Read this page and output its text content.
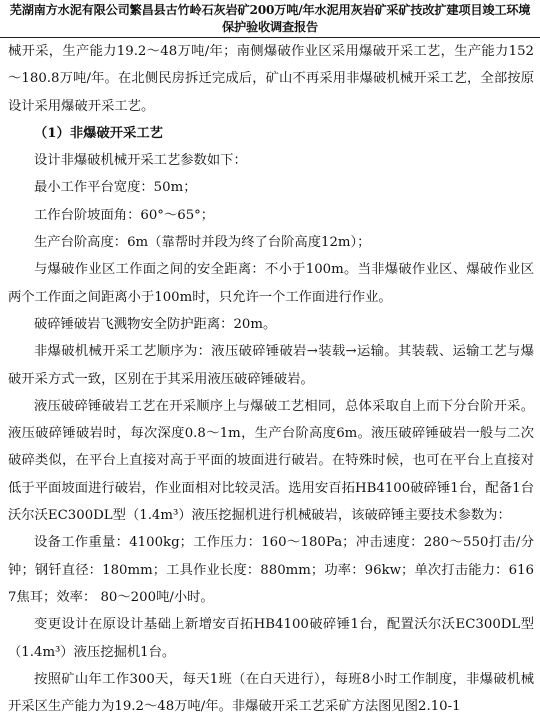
芜湖南方水泥有限公司繁昌县古竹岭石灰岩矿200万吨/年水泥用灰岩矿采矿技改扩建项目竣工环境
保护验收调查报告

械开采，生产能力19.2～48万吨/年；南侧爆破作业区采用爆破开采工艺，生产能力152～180.8万吨/年。在北侧民房拆迁完成后，矿山不再采用非爆破机械开采工艺，全部按原设计采用爆破开采工艺。

（1）非爆破开采工艺

设计非爆破机械开采工艺参数如下：

最小工作平台宽度：50m；

工作台阶坡面角：60°～65°；

生产台阶高度：6m（靠帮时并段为终了台阶高度12m）；

与爆破作业区工作面之间的安全距离：不小于100m。当非爆破作业区、爆破作业区两个工作面之间距离小于100m时，只允许一个工作面进行作业。

破碎锤破岩飞溅物安全防护距离：20m。

非爆破机械开采工艺顺序为：液压破碎锤破岩→装载→运输。其装载、运输工艺与爆破开采方式一致，区别在于其采用液压破碎锤破岩。

液压破碎锤破岩工艺在开采顺序上与爆破工艺相同，总体采取自上而下分台阶开采。液压破碎锤破岩时，每次深度0.8～1m，生产台阶高度6m。液压破碎锤破岩一般与二次破碎类似，在平台上直接对高于平面的坡面进行破岩。在特殊时候，也可在平台上直接对低于平面坡面进行破岩，作业面相对比较灵活。选用安百拓HB4100破碎锤1台，配备1台沃尔沃EC300DL型（1.4m³）液压挖掘机进行机械破岩，该破碎锤主要技术参数为：

设备工作重量：4100kg；工作压力：160～180Pa；冲击速度：280～550打击/分钟；钢钎直径：180mm；工具作业长度：880mm；功率：96kw；单次打击能力：6167焦耳；效率： 80～200吨/小时。

变更设计在原设计基础上新增安百拓HB4100破碎锤1台，配置沃尔沃EC300DL型（1.4m³）液压挖掘机1台。

按照矿山年工作300天，每天1班（在白天进行），每班8小时工作制度，非爆破机械开采区生产能力为19.2～48万吨/年。非爆破开采工艺采矿方法图见图2.10-1
